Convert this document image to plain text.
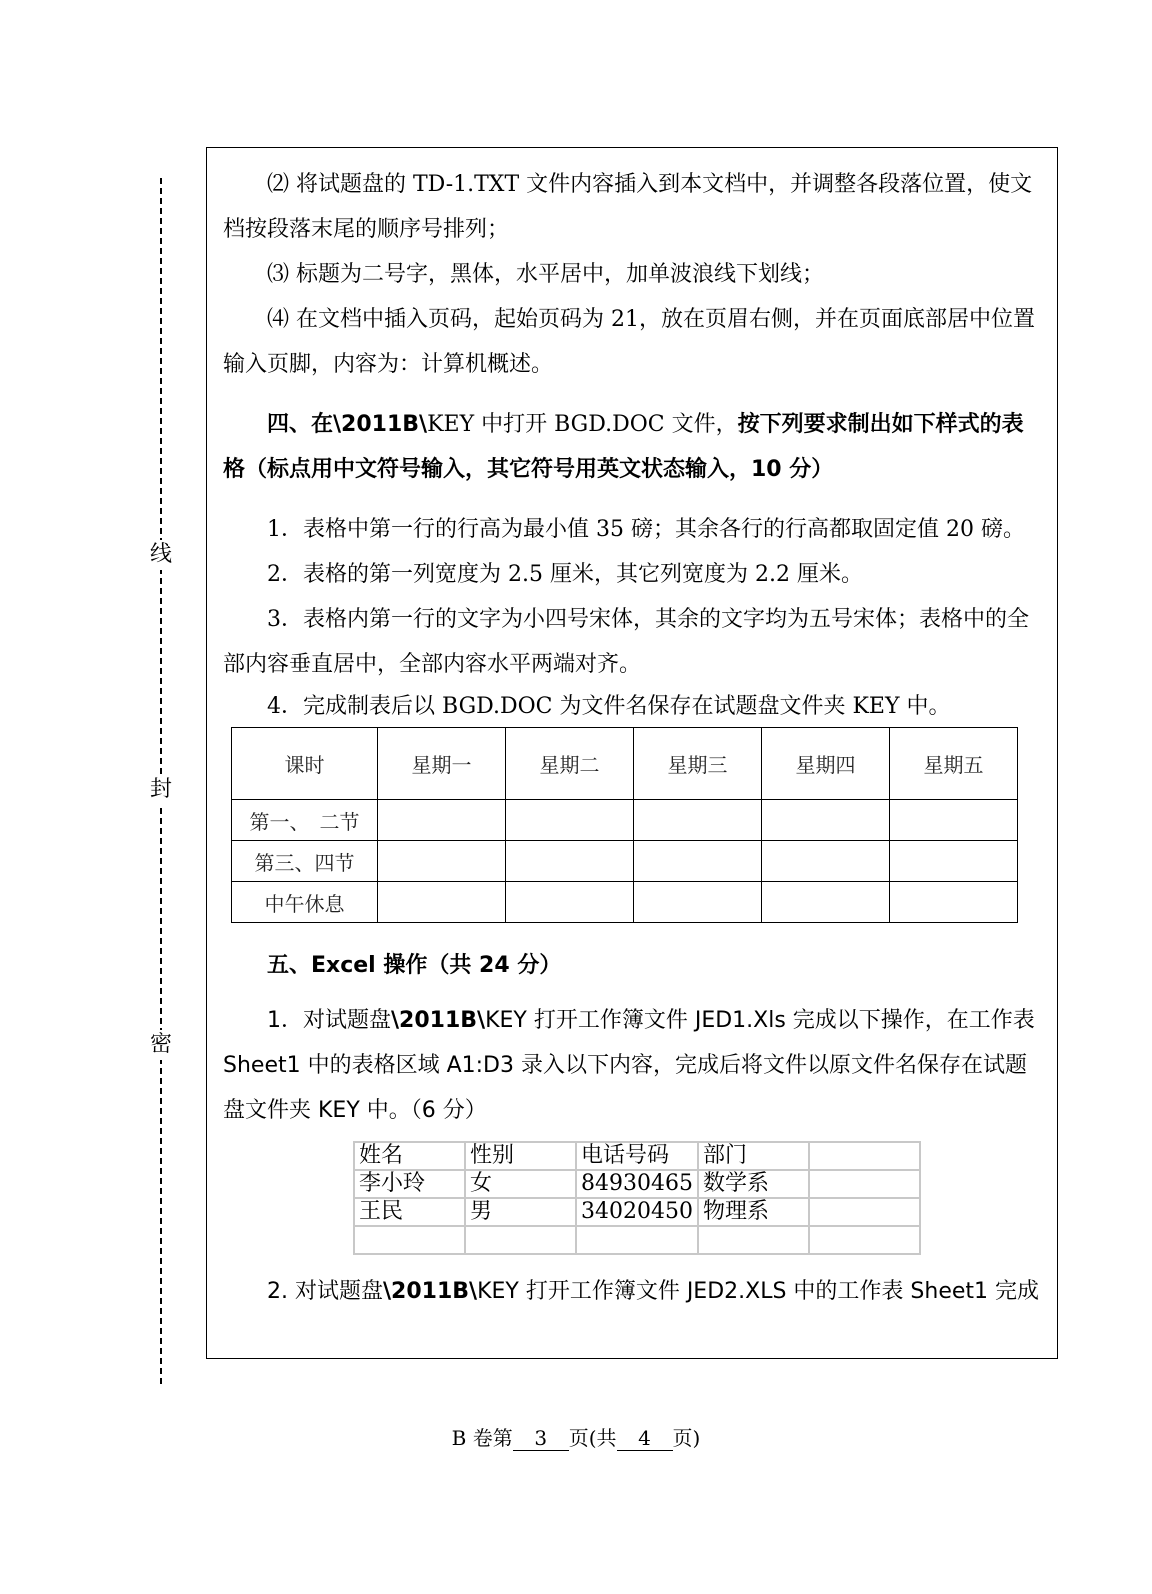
密
封
线

⑵ 将试题盘的 TD-1.TXT 文件内容插入到本文档中，并调整各段落位置，使文档按段落末尾的顺序号排列；

⑶ 标题为二号字，黑体，水平居中，加单波浪线下划线；

⑷ 在文档中插入页码，起始页码为 21，放在页眉右侧，并在页面底部居中位置输入页脚，内容为：计算机概述。

四、在\2011B\KEY 中打开 BGD.DOC 文件，按下列要求制出如下样式的表格（标点用中文符号输入，其它符号用英文状态输入，10 分）

1．表格中第一行的行高为最小值 35 磅；其余各行的行高都取固定值 20 磅。

2．表格的第一列宽度为 2.5 厘米，其它列宽度为 2.2 厘米。

3．表格内第一行的文字为小四号宋体，其余的文字均为五号宋体；表格中的全部内容垂直居中，全部内容水平两端对齐。

4．完成制表后以 BGD.DOC 为文件名保存在试题盘文件夹 KEY 中。

课时	星期一	星期二	星期三	星期四	星期五
第一、　二节					
第三、四节					
中午休息					

五、Excel 操作（共 24 分）

1．对试题盘\2011B\KEY 打开工作簿文件 JED1.Xls 完成以下操作，在工作表 Sheet1 中的表格区域 A1:D3 录入以下内容，完成后将文件以原文件名保存在试题盘文件夹 KEY 中。（6 分）

姓名	性别	电话号码	部门	
李小玲	女	84930465	数学系	
王民	男	34020450	物理系	

2. 对试题盘\2011B\KEY 打开工作簿文件 JED2.XLS 中的工作表 Sheet1 完成

B 卷第 3 页(共 4 页)
